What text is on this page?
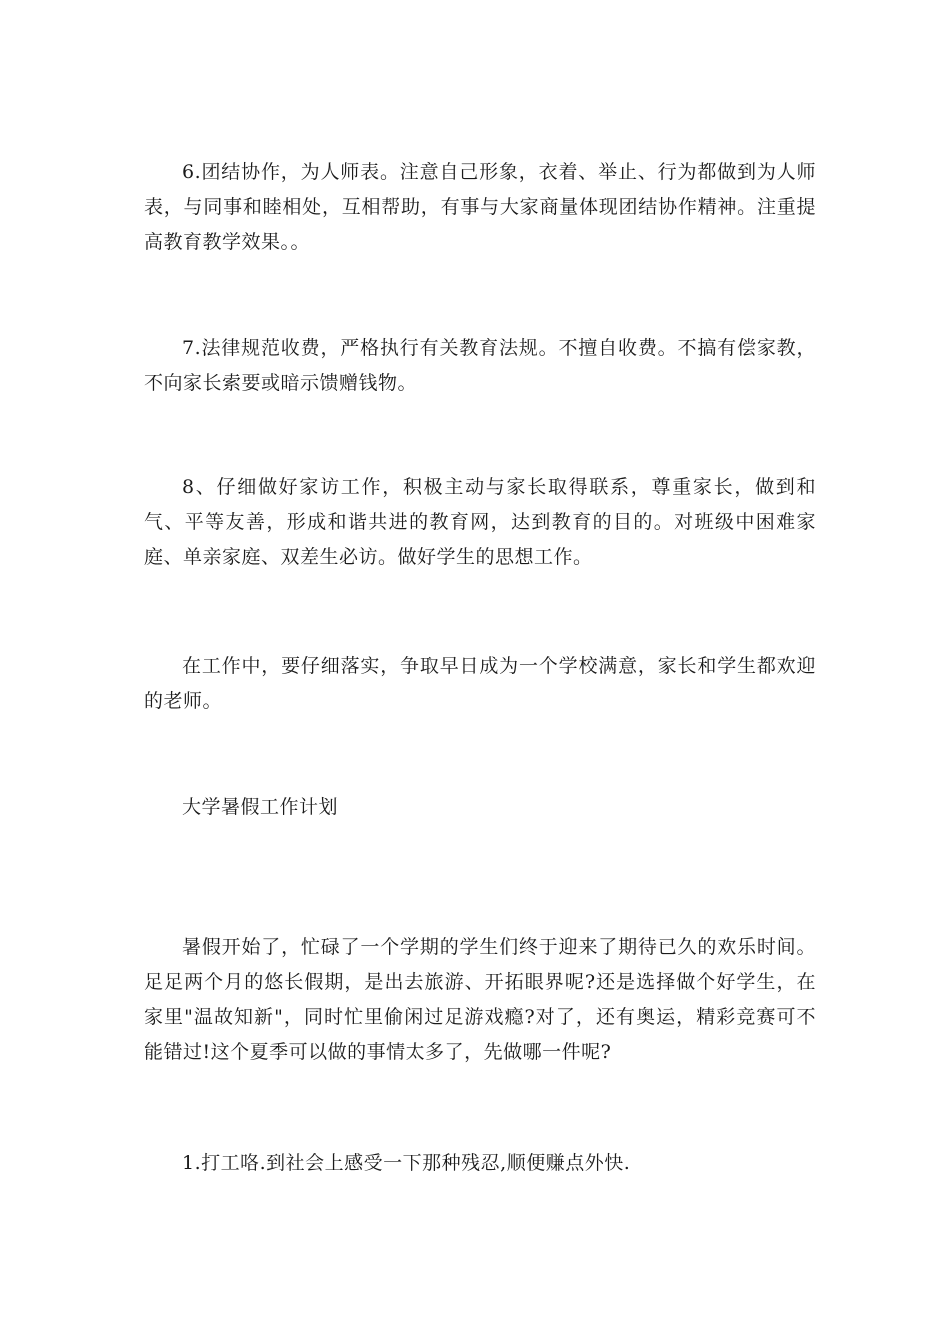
6.团结协作，为人师表。注意自己形象，衣着、举止、行为都做到为人师表，与同事和睦相处，互相帮助，有事与大家商量体现团结协作精神。注重提高教育教学效果。。

7.法律规范收费，严格执行有关教育法规。不擅自收费。不搞有偿家教，不向家长索要或暗示馈赠钱物。

8、仔细做好家访工作，积极主动与家长取得联系，尊重家长，做到和气、平等友善，形成和谐共进的教育网，达到教育的目的。对班级中困难家庭、单亲家庭、双差生必访。做好学生的思想工作。

在工作中，要仔细落实，争取早日成为一个学校满意，家长和学生都欢迎的老师。

大学暑假工作计划

暑假开始了，忙碌了一个学期的学生们终于迎来了期待已久的欢乐时间。足足两个月的悠长假期，是出去旅游、开拓眼界呢?还是选择做个好学生，在家里"温故知新"，同时忙里偷闲过足游戏瘾?对了，还有奥运，精彩竞赛可不能错过!这个夏季可以做的事情太多了，先做哪一件呢?

1.打工咯.到社会上感受一下那种残忍,顺便赚点外快.
